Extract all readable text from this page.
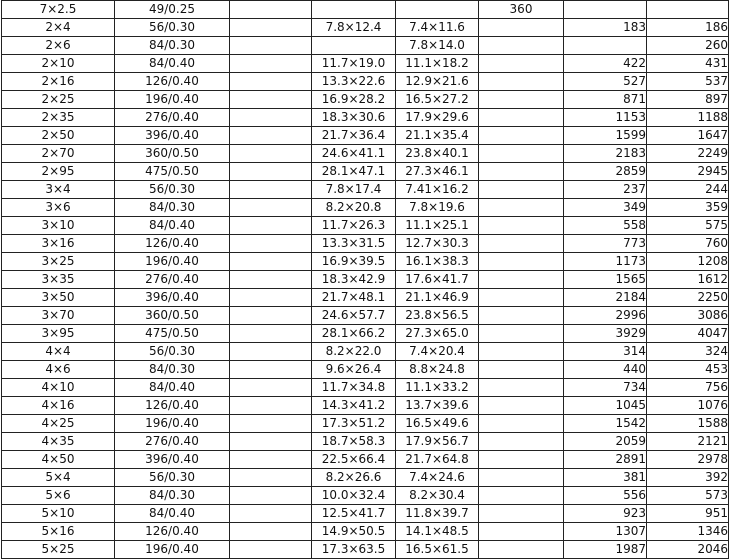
7×2.5	49/0.25				360		
2×4	56/0.30		7.8×12.4	7.4×11.6		183	186
2×6	84/0.30			7.8×14.0			260
2×10	84/0.40		11.7×19.0	11.1×18.2		422	431
2×16	126/0.40		13.3×22.6	12.9×21.6		527	537
2×25	196/0.40		16.9×28.2	16.5×27.2		871	897
2×35	276/0.40		18.3×30.6	17.9×29.6		1153	1188
2×50	396/0.40		21.7×36.4	21.1×35.4		1599	1647
2×70	360/0.50		24.6×41.1	23.8×40.1		2183	2249
2×95	475/0.50		28.1×47.1	27.3×46.1		2859	2945
3×4	56/0.30		7.8×17.4	7.41×16.2		237	244
3×6	84/0.30		8.2×20.8	7.8×19.6		349	359
3×10	84/0.40		11.7×26.3	11.1×25.1		558	575
3×16	126/0.40		13.3×31.5	12.7×30.3		773	760
3×25	196/0.40		16.9×39.5	16.1×38.3		1173	1208
3×35	276/0.40		18.3×42.9	17.6×41.7		1565	1612
3×50	396/0.40		21.7×48.1	21.1×46.9		2184	2250
3×70	360/0.50		24.6×57.7	23.8×56.5		2996	3086
3×95	475/0.50		28.1×66.2	27.3×65.0		3929	4047
4×4	56/0.30		8.2×22.0	7.4×20.4		314	324
4×6	84/0.30		9.6×26.4	8.8×24.8		440	453
4×10	84/0.40		11.7×34.8	11.1×33.2		734	756
4×16	126/0.40		14.3×41.2	13.7×39.6		1045	1076
4×25	196/0.40		17.3×51.2	16.5×49.6		1542	1588
4×35	276/0.40		18.7×58.3	17.9×56.7		2059	2121
4×50	396/0.40		22.5×66.4	21.7×64.8		2891	2978
5×4	56/0.30		8.2×26.6	7.4×24.6		381	392
5×6	84/0.30		10.0×32.4	8.2×30.4		556	573
5×10	84/0.40		12.5×41.7	11.8×39.7		923	951
5×16	126/0.40		14.9×50.5	14.1×48.5		1307	1346
5×25	196/0.40		17.3×63.5	16.5×61.5		1987	2046
